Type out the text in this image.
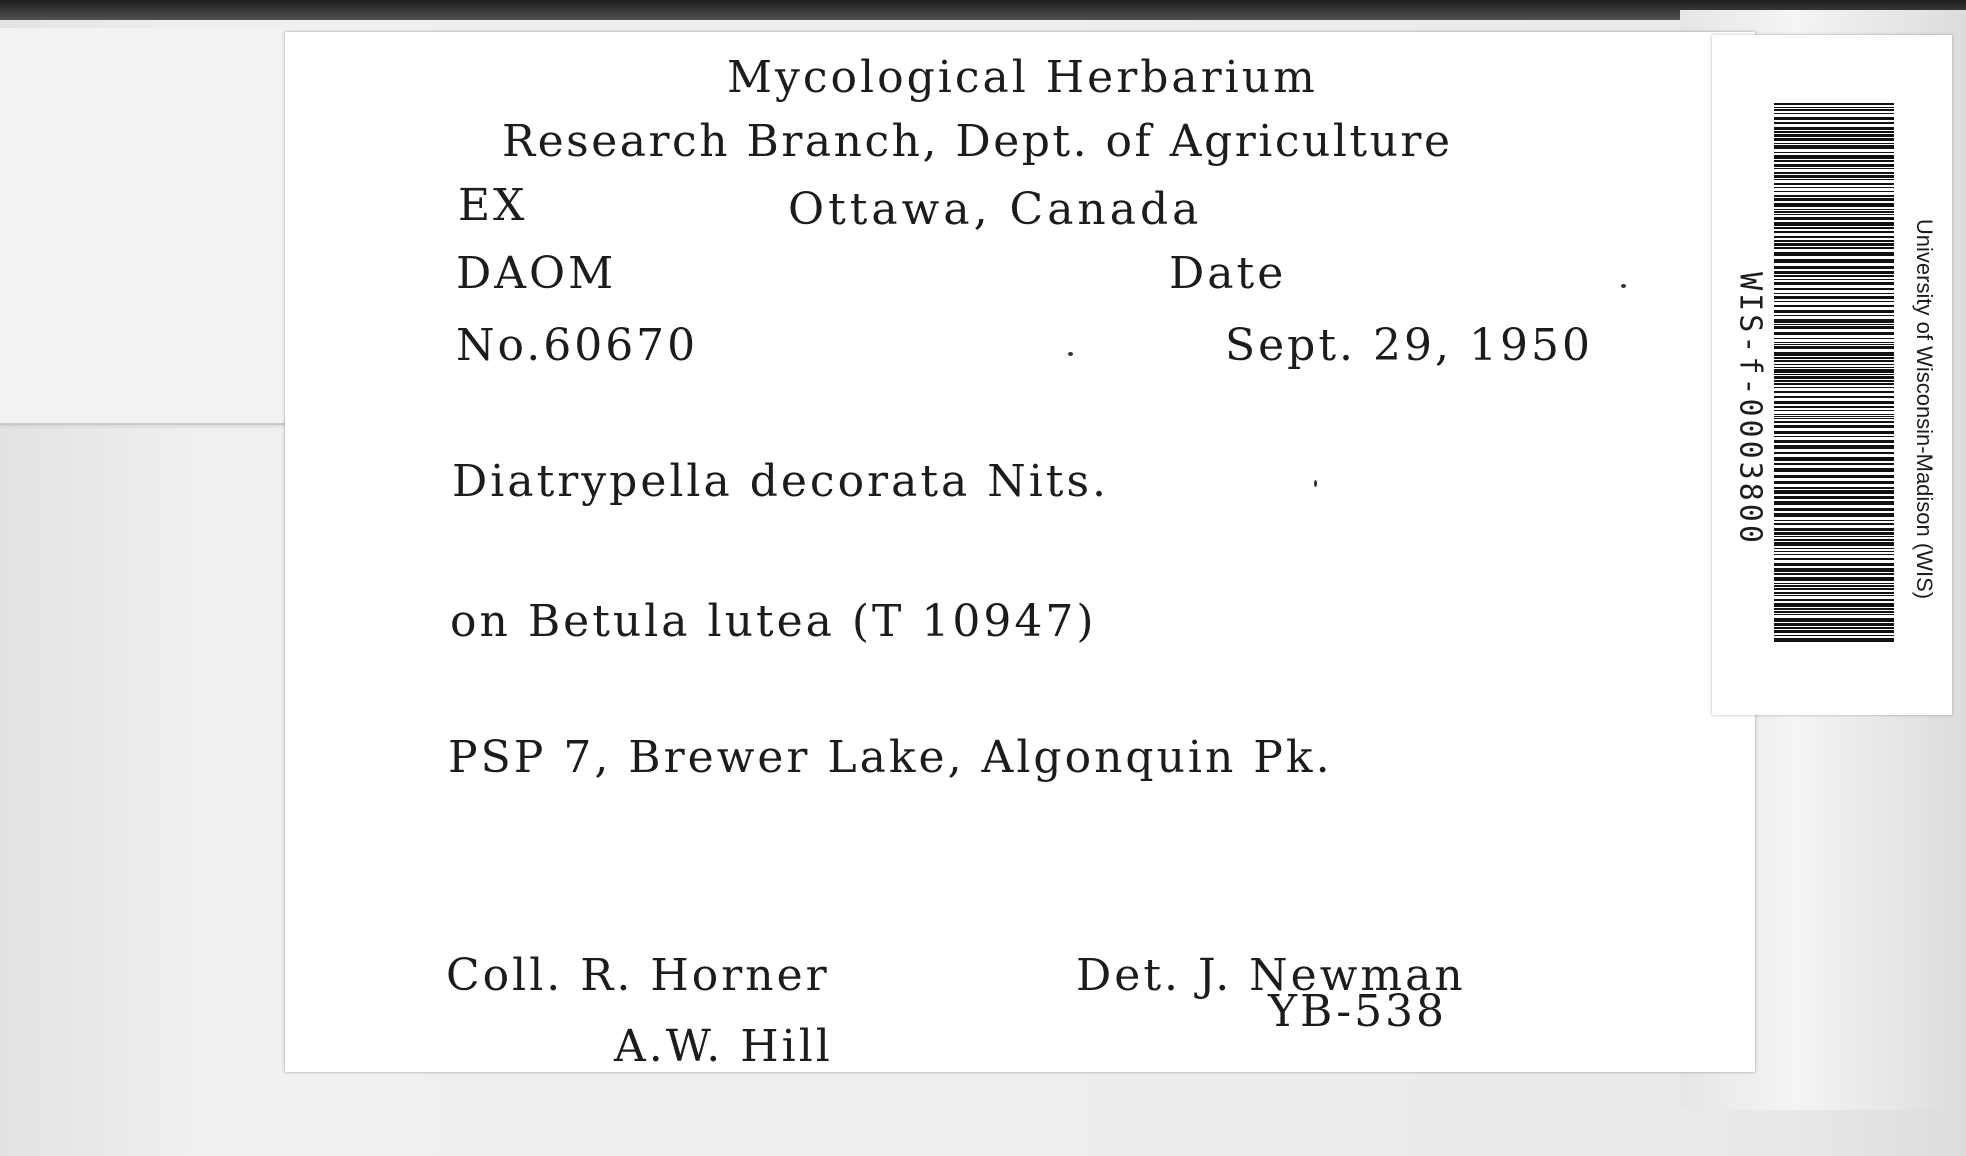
Mycological Herbarium

Research Branch, Dept. of Agriculture

EX	Ottawa, Canada

DAOM	Date

No.60670	Sept. 29, 1950

Diatrypella decorata Nits.

on Betula lutea (T 10947)

PSP 7, Brewer Lake, Algonquin Pk.

Coll. R. Horner	Det. J. Newman

A.W. Hill

YB-538

WIS-f-0003800	University of Wisconsin-Madison (WIS)
